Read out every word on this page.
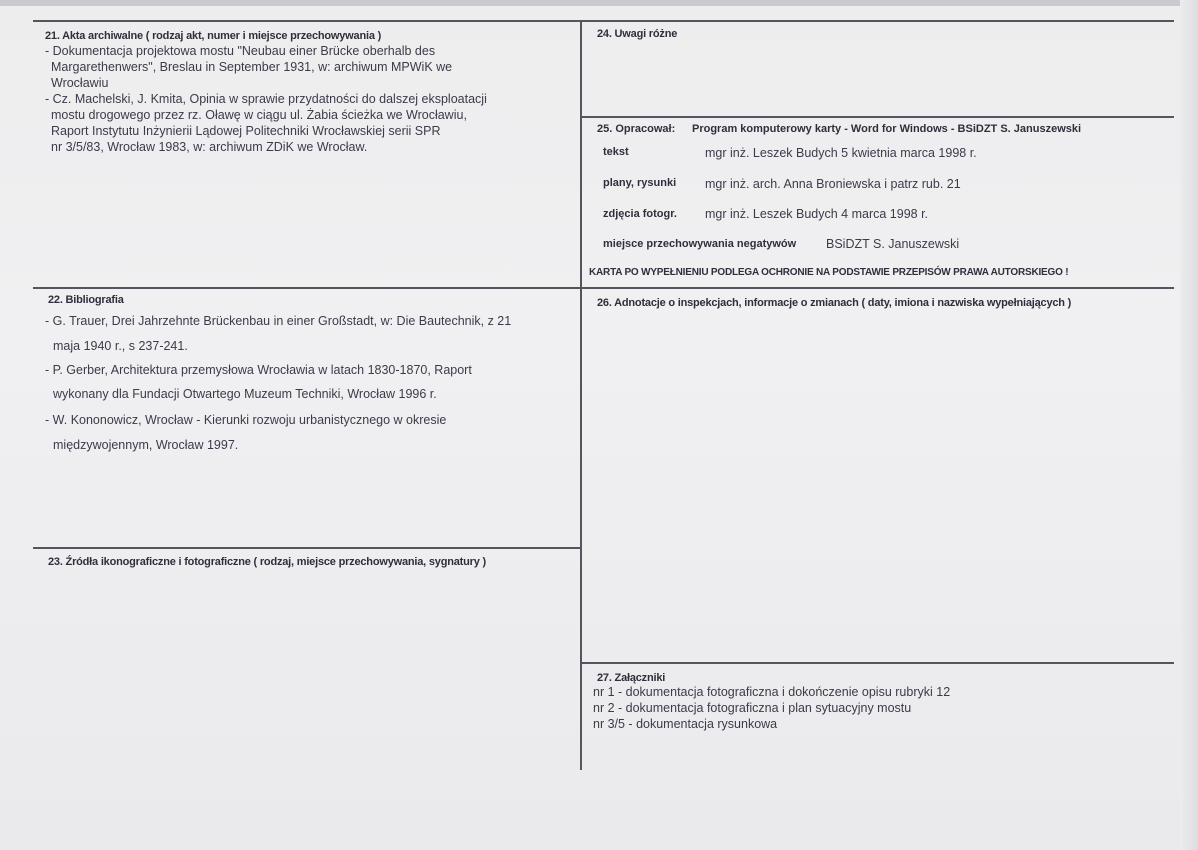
21. Akta archiwalne ( rodzaj akt, numer i miejsce przechowywania )
- Dokumentacja projektowa mostu "Neubau einer Brücke oberhalb des
Margarethenwers", Breslau in September 1931, w: archiwum MPWiK we
Wrocławiu
- Cz. Machelski, J. Kmita, Opinia w sprawie przydatności do dalszej eksploatacji
mostu drogowego przez rz. Oławę w ciągu ul. Żabia ścieżka we Wrocławiu,
Raport Instytutu Inżynierii Lądowej Politechniki Wrocławskiej serii SPR
nr 3/5/83, Wrocław 1983, w: archiwum ZDiK we Wrocław.
22. Bibliografia
- G. Trauer, Drei Jahrzehnte Brückenbau in einer Großstadt, w: Die Bautechnik, z 21
maja 1940 r., s 237-241.
- P. Gerber, Architektura przemysłowa Wrocławia w latach 1830-1870, Raport
wykonany dla Fundacji Otwartego Muzeum Techniki, Wrocław 1996 r.
- W. Kononowicz, Wrocław - Kierunki rozwoju urbanistycznego w okresie
międzywojennym, Wrocław 1997.
23. Źródła ikonograficzne i fotograficzne ( rodzaj, miejsce przechowywania, sygnatury )
24. Uwagi różne
25. Opracował: Program komputerowy karty - Word for Windows - BSiDZT S. Januszewski
tekst	mgr inż. Leszek Budych 5 kwietnia marca 1998 r.
plany, rysunki mgr inż. arch. Anna Broniewska i patrz rub. 21
zdjęcia fotogr. mgr inż. Leszek Budych 4 marca 1998 r.
miejsce przechowywania negatywów BSiDZT S. Januszewski
KARTA PO WYPEŁNIENIU PODLEGA OCHRONIE NA PODSTAWIE PRZEPISÓW PRAWA AUTORSKIEGO !
26. Adnotacje o inspekcjach, informacje o zmianach ( daty, imiona i nazwiska wypełniających )
27. Załączniki
nr 1 - dokumentacja fotograficzna i dokończenie opisu rubryki 12
nr 2 - dokumentacja fotograficzna i plan sytuacyjny mostu
nr 3/5 - dokumentacja rysunkowa
